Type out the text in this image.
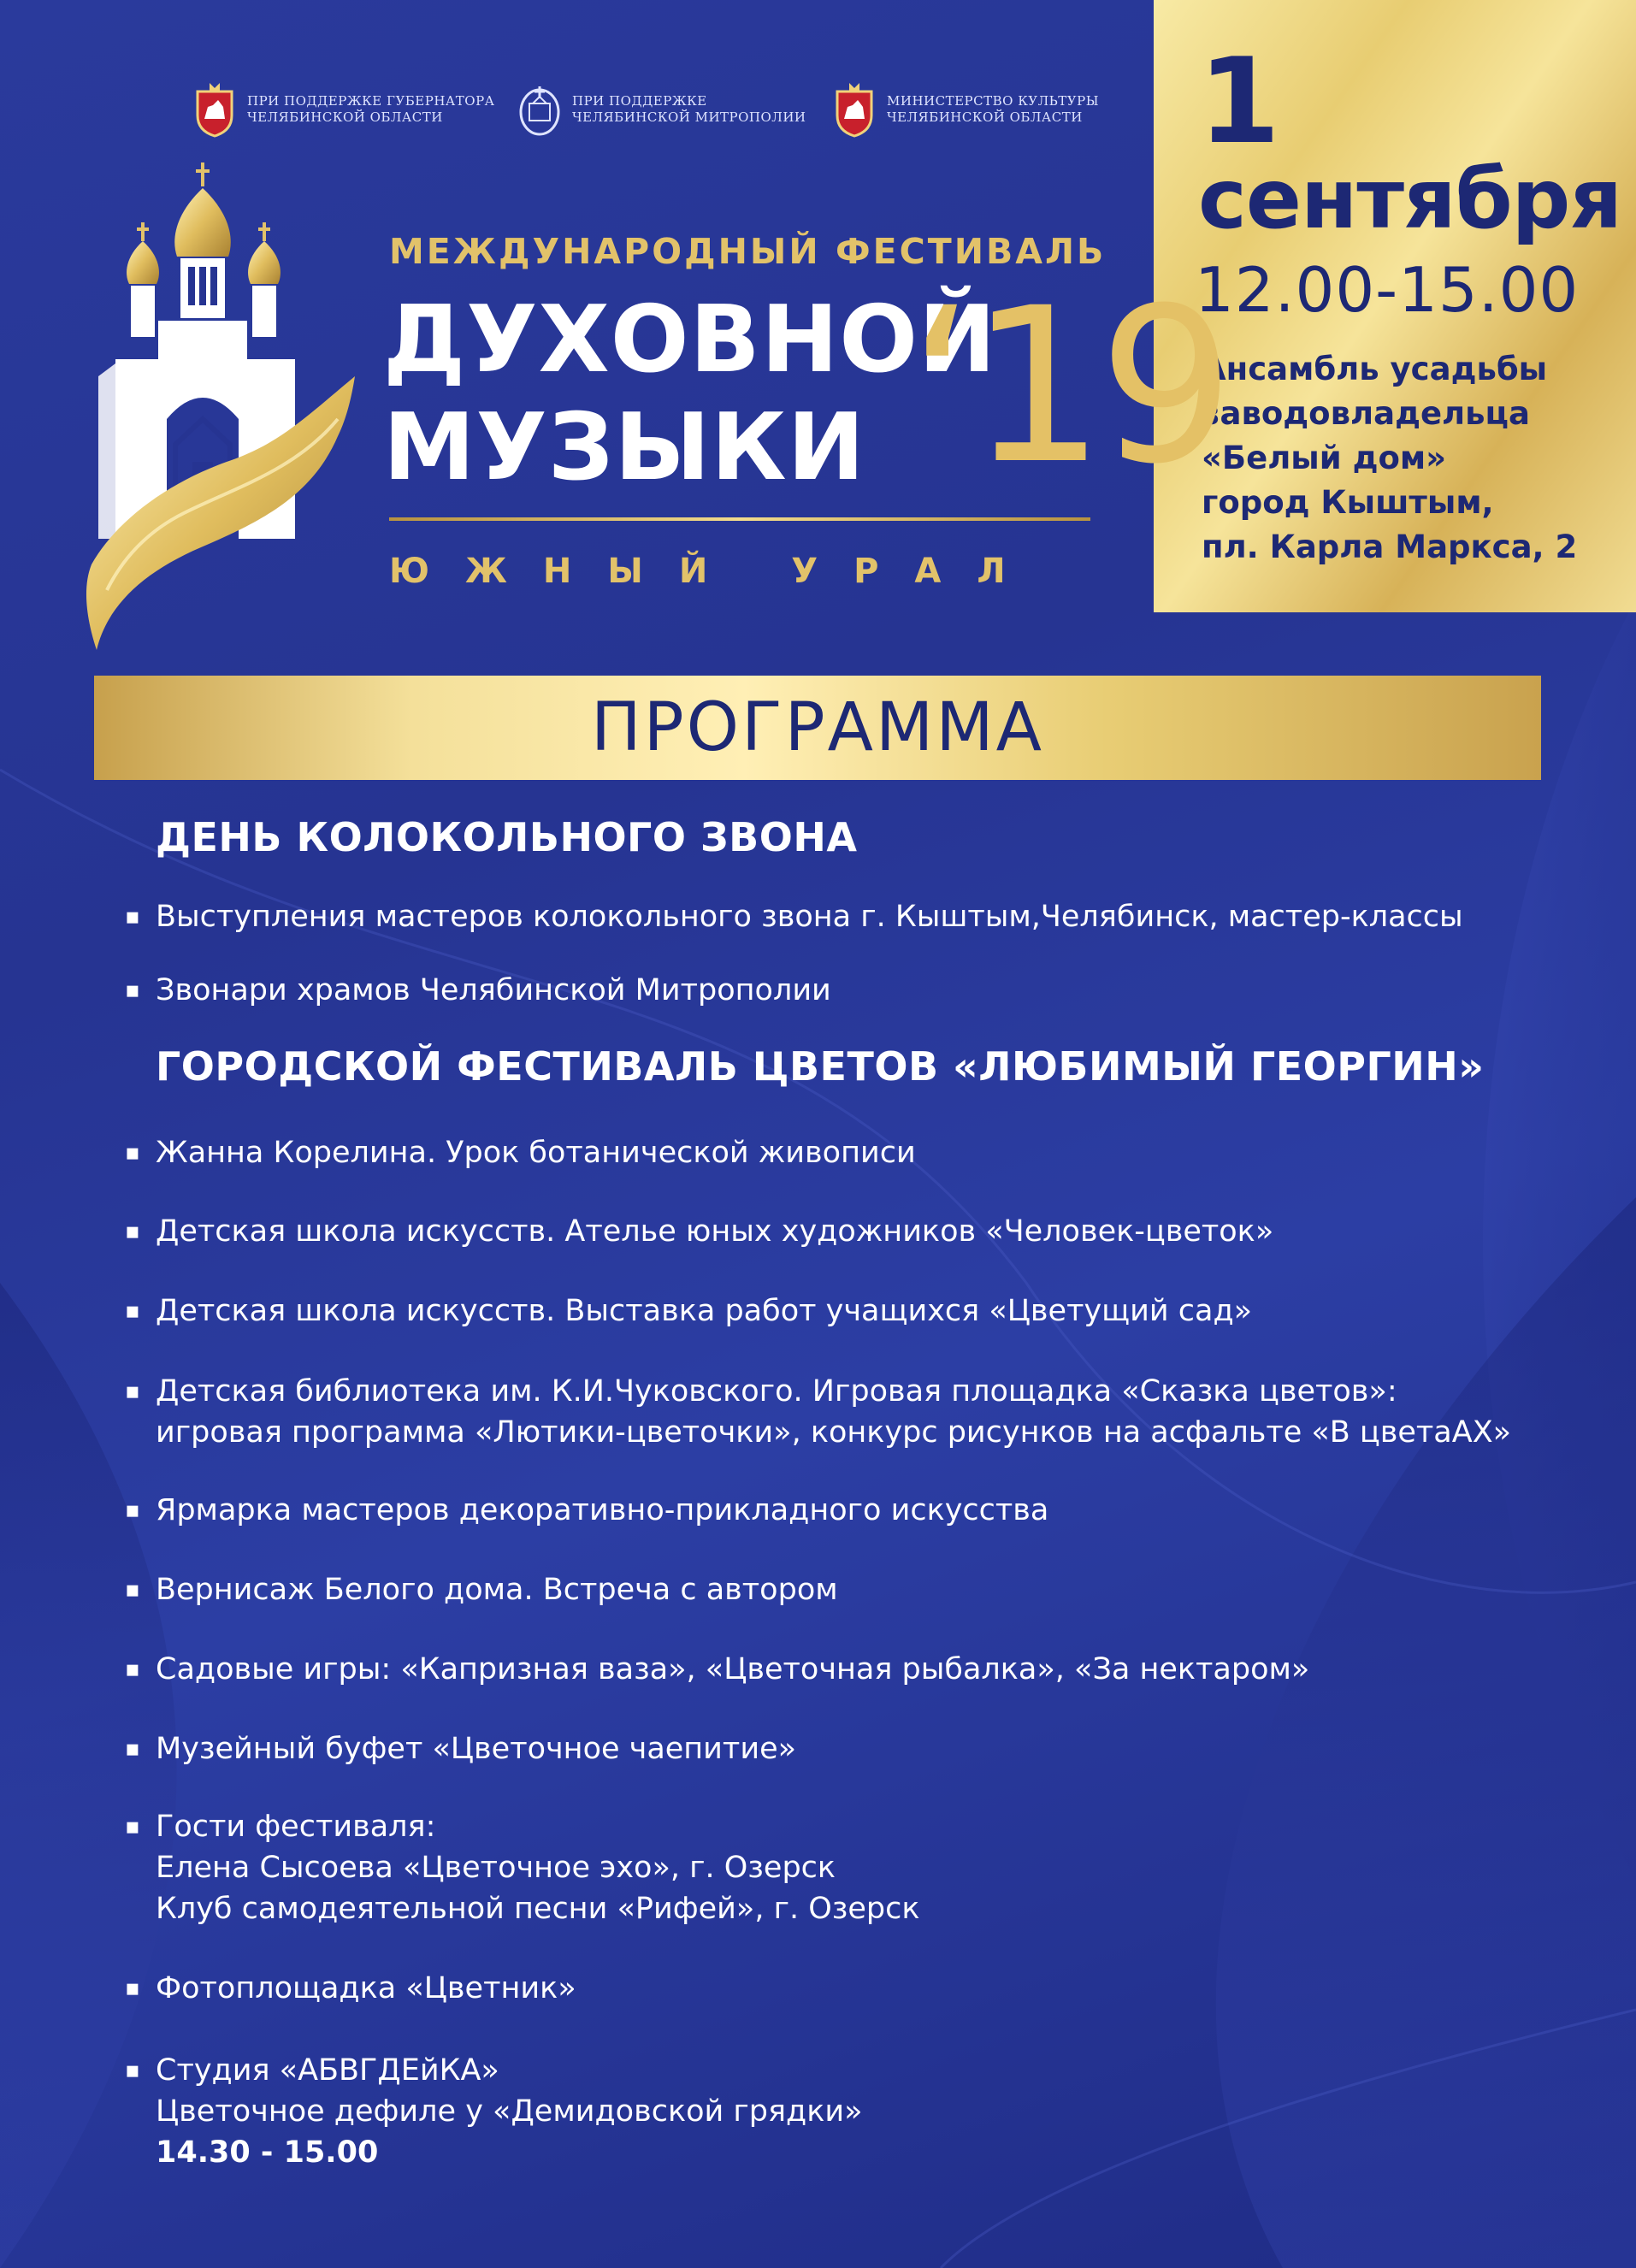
ПРИ ПОДДЕРЖКЕ ГУБЕРНАТОРА
ЧЕЛЯБИНСКОЙ ОБЛАСТИ
ПРИ ПОДДЕРЖКЕ
ЧЕЛЯБИНСКОЙ МИТРОПОЛИИ
МИНИСТЕРСТВО КУЛЬТУРЫ
ЧЕЛЯБИНСКОЙ ОБЛАСТИ 1
сентября
12.00-15.00
Ансамбль усадьбы
заводовладельца
«Белый дом»
город Кыштым,
пл. Карла Маркса, 2
МЕЖДУНАРОДНЫЙ ФЕСТИВАЛЬ
ДУХОВНОЙ
МУЗЫКИ ‘19
ЮЖНЫЙ УРАЛ
ПРОГРАММА
ДЕНЬ КОЛОКОЛЬНОГО ЗВОНА
▪ Выступления мастеров колокольного звона г. Кыштым,Челябинск, мастер-классы
▪ Звонари храмов Челябинской Митрополии
ГОРОДСКОЙ ФЕСТИВАЛЬ ЦВЕТОВ «ЛЮБИМЫЙ ГЕОРГИН»
▪ Жанна Корелина. Урок ботанической живописи
▪ Детская школа искусств. Ателье юных художников «Человек-цветок»
▪ Детская школа искусств. Выставка работ учащихся «Цветущий сад»
▪ Детская библиотека им. К.И.Чуковского. Игровая площадка «Сказка цветов»:
игровая программа «Лютики-цветочки», конкурс рисунков на асфальте «В цветаАХ»
▪ Ярмарка мастеров декоративно-прикладного искусства
▪ Вернисаж Белого дома. Встреча с автором
▪ Садовые игры: «Капризная ваза», «Цветочная рыбалка», «За нектаром»
▪ Музейный буфет «Цветочное чаепитие»
▪ Гости фестиваля:
Елена Сысоева «Цветочное эхо», г. Озерск
Клуб самодеятельной песни «Рифей», г. Озерск
▪ Фотоплощадка «Цветник»
▪ Студия «АБВГДЕйКА»
Цветочное дефиле у «Демидовской грядки»
14.30 - 15.00
